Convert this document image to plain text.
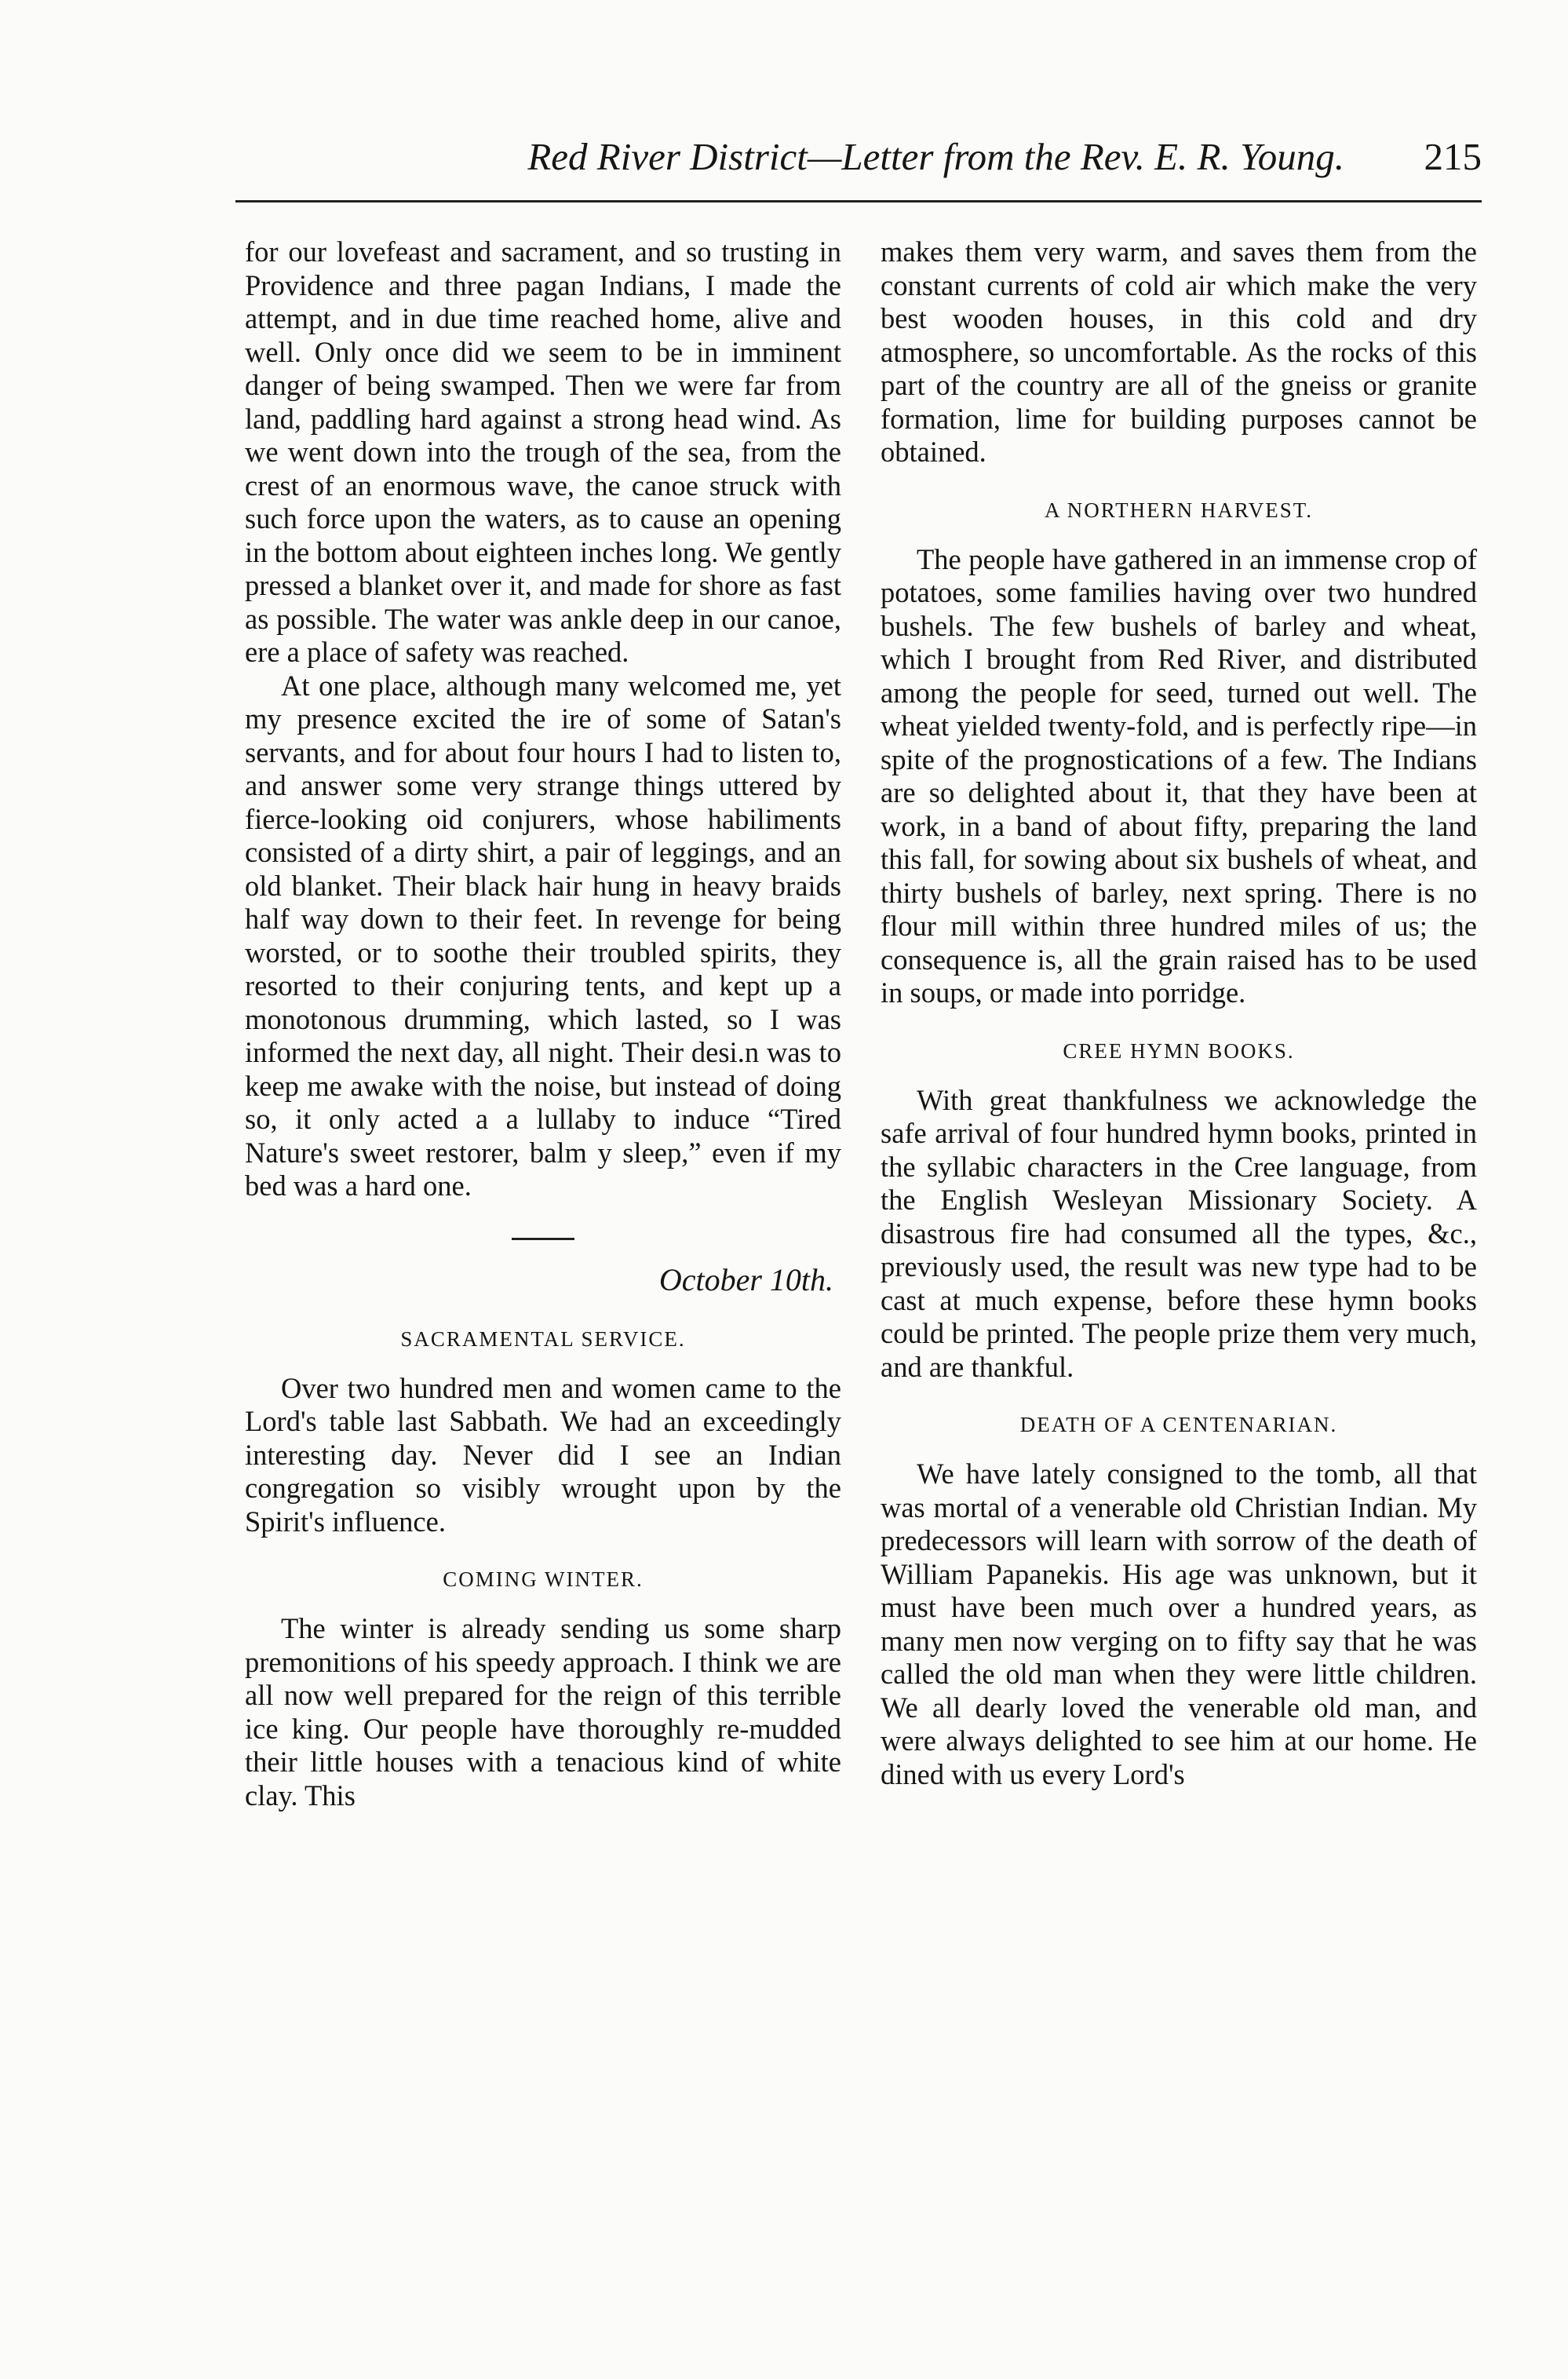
Red River District—Letter from the Rev. E. R. Young. 215

for our lovefeast and sacrament, and so trusting in Providence and three pagan Indians, I made the attempt, and in due time reached home, alive and well. Only once did we seem to be in imminent danger of being swamped. Then we were far from land, paddling hard against a strong head wind. As we went down into the trough of the sea, from the crest of an enormous wave, the canoe struck with such force upon the waters, as to cause an opening in the bottom about eighteen inches long. We gently pressed a blanket over it, and made for shore as fast as possible. The water was ankle deep in our canoe, ere a place of safety was reached.

At one place, although many welcomed me, yet my presence excited the ire of some of Satan's servants, and for about four hours I had to listen to, and answer some very strange things uttered by fierce-looking oid conjurers, whose habiliments consisted of a dirty shirt, a pair of leggings, and an old blanket. Their black hair hung in heavy braids half way down to their feet. In revenge for being worsted, or to soothe their troubled spirits, they resorted to their conjuring tents, and kept up a monotonous drumming, which lasted, so I was informed the next day, all night. Their desi.n was to keep me awake with the noise, but instead of doing so, it only acted a a lullaby to induce “Tired Nature's sweet restorer, balm y sleep,” even if my bed was a hard one.

October 10th.
SACRAMENTAL SERVICE.

Over two hundred men and women came to the Lord's table last Sabbath. We had an exceedingly interesting day. Never did I see an Indian congregation so visibly wrought upon by the Spirit's influence.

COMING WINTER.

The winter is already sending us some sharp premonitions of his speedy approach. I think we are all now well prepared for the reign of this terrible ice king. Our people have thoroughly re-mudded their little houses with a tenacious kind of white clay. This

makes them very warm, and saves them from the constant currents of cold air which make the very best wooden houses, in this cold and dry atmosphere, so uncomfortable. As the rocks of this part of the country are all of the gneiss or granite formation, lime for building purposes cannot be obtained.

A NORTHERN HARVEST.

The people have gathered in an immense crop of potatoes, some families having over two hundred bushels. The few bushels of barley and wheat, which I brought from Red River, and distributed among the people for seed, turned out well. The wheat yielded twenty-fold, and is perfectly ripe—in spite of the prognostications of a few. The Indians are so delighted about it, that they have been at work, in a band of about fifty, preparing the land this fall, for sowing about six bushels of wheat, and thirty bushels of barley, next spring. There is no flour mill within three hundred miles of us; the consequence is, all the grain raised has to be used in soups, or made into porridge.

CREE HYMN BOOKS.

With great thankfulness we acknowledge the safe arrival of four hundred hymn books, printed in the syllabic characters in the Cree language, from the English Wesleyan Missionary Society. A disastrous fire had consumed all the types, &c., previously used, the result was new type had to be cast at much expense, before these hymn books could be printed. The people prize them very much, and are thankful.

DEATH OF A CENTENARIAN.

We have lately consigned to the tomb, all that was mortal of a venerable old Christian Indian. My predecessors will learn with sorrow of the death of William Papanekis. His age was unknown, but it must have been much over a hundred years, as many men now verging on to fifty say that he was called the old man when they were little children. We all dearly loved the venerable old man, and were always delighted to see him at our home. He dined with us every Lord's
